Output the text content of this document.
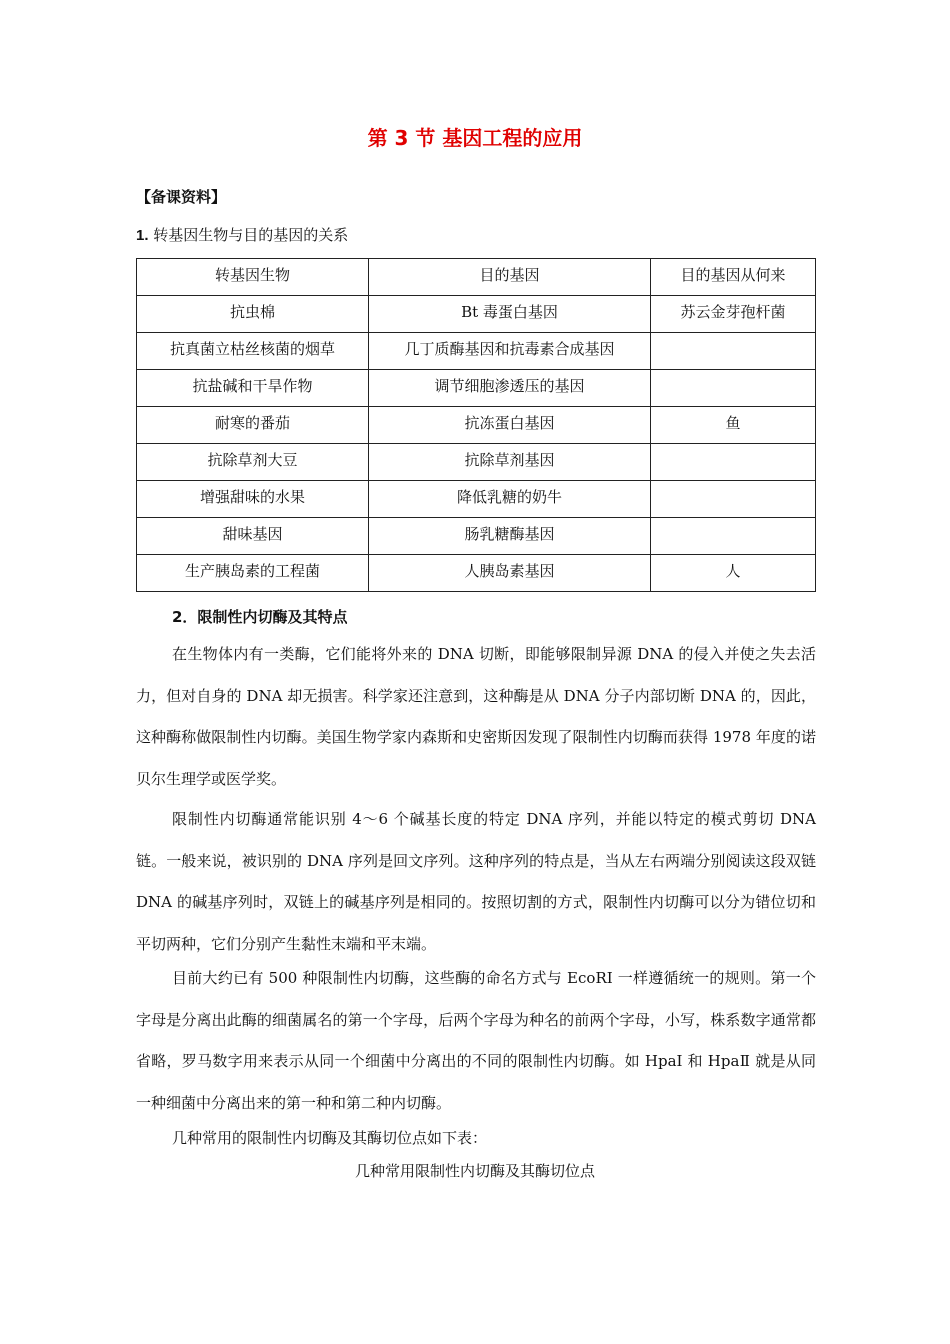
第 3 节 基因工程的应用
【备课资料】
1. 转基因生物与目的基因的关系
转基因生物	目的基因	目的基因从何来
抗虫棉	Bt 毒蛋白基因	苏云金芽孢杆菌
抗真菌立枯丝核菌的烟草	几丁质酶基因和抗毒素合成基因	
抗盐碱和干旱作物	调节细胞渗透压的基因	
耐寒的番茄	抗冻蛋白基因	鱼
抗除草剂大豆	抗除草剂基因	
增强甜味的水果	降低乳糖的奶牛	
甜味基因	肠乳糖酶基因	
生产胰岛素的工程菌	人胰岛素基因	人
2．限制性内切酶及其特点

在生物体内有一类酶，它们能将外来的 DNA 切断，即能够限制异源 DNA 的侵入并使之失去活力，但对自身的 DNA 却无损害。科学家还注意到，这种酶是从 DNA 分子内部切断 DNA 的，因此，这种酶称做限制性内切酶。美国生物学家内森斯和史密斯因发现了限制性内切酶而获得 1978 年度的诺贝尔生理学或医学奖。

限制性内切酶通常能识别 4～6 个碱基长度的特定 DNA 序列，并能以特定的模式剪切 DNA 链。一般来说，被识别的 DNA 序列是回文序列。这种序列的特点是，当从左右两端分别阅读这段双链 DNA 的碱基序列时，双链上的碱基序列是相同的。按照切割的方式，限制性内切酶可以分为错位切和平切两种，它们分别产生黏性末端和平末端。

目前大约已有 500 种限制性内切酶，这些酶的命名方式与 EcoRI 一样遵循统一的规则。第一个字母是分离出此酶的细菌属名的第一个字母，后两个字母为种名的前两个字母，小写，株系数字通常都省略，罗马数字用来表示从同一个细菌中分离出的不同的限制性内切酶。如 HpaI 和 HpaⅡ 就是从同一种细菌中分离出来的第一种和第二种内切酶。

几种常用的限制性内切酶及其酶切位点如下表：

几种常用限制性内切酶及其酶切位点
